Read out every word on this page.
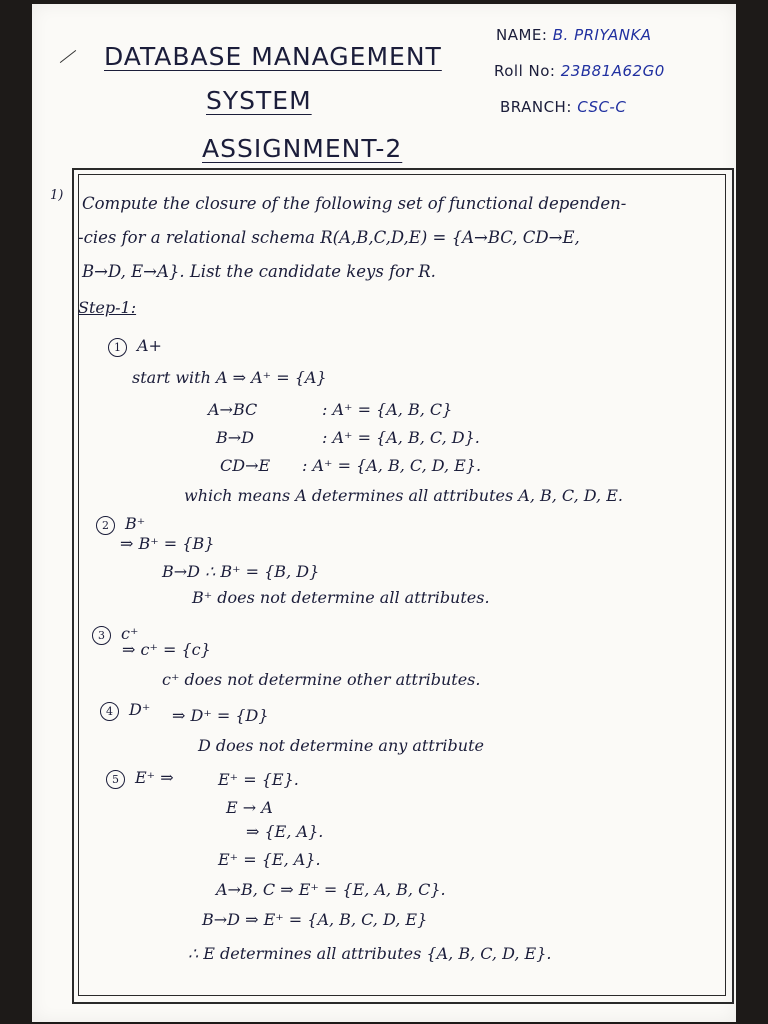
DATABASE MANAGEMENT
SYSTEM
ASSIGNMENT-2
NAME: B. PRIYANKA
Roll No: 23B81A62G0
BRANCH: CSC-C
1) Compute the closure of the following set of functional dependen-
-cies for a relational schema R(A,B,C,D,E) = {A→BC, CD→E,
B→D, E→A}. List the candidate keys for R.
Step-1:
1 A+
start with A ⇒ A⁺ = {A}
A→BC	: A⁺ = {A, B, C}
B→D	: A⁺ = {A, B, C, D}.
CD→E : A⁺ = {A, B, C, D, E}.
which means A determines all attributes A, B, C, D, E.
2 B⁺
⇒ B⁺ = {B}
B→D ∴ B⁺ = {B, D}
B⁺ does not determine all attributes.
3 c⁺
⇒ c⁺ = {c}
c⁺ does not determine other attributes.
4 D⁺ ⇒ D⁺ = {D}
D does not determine any attribute
5 E⁺ ⇒	E⁺ = {E}.
E → A
⇒ {E, A}.
E⁺ = {E, A}.
A→B, C ⇒ E⁺ = {E, A, B, C}.
B→D ⇒ E⁺ = {A, B, C, D, E}
∴ E determines all attributes {A, B, C, D, E}.
